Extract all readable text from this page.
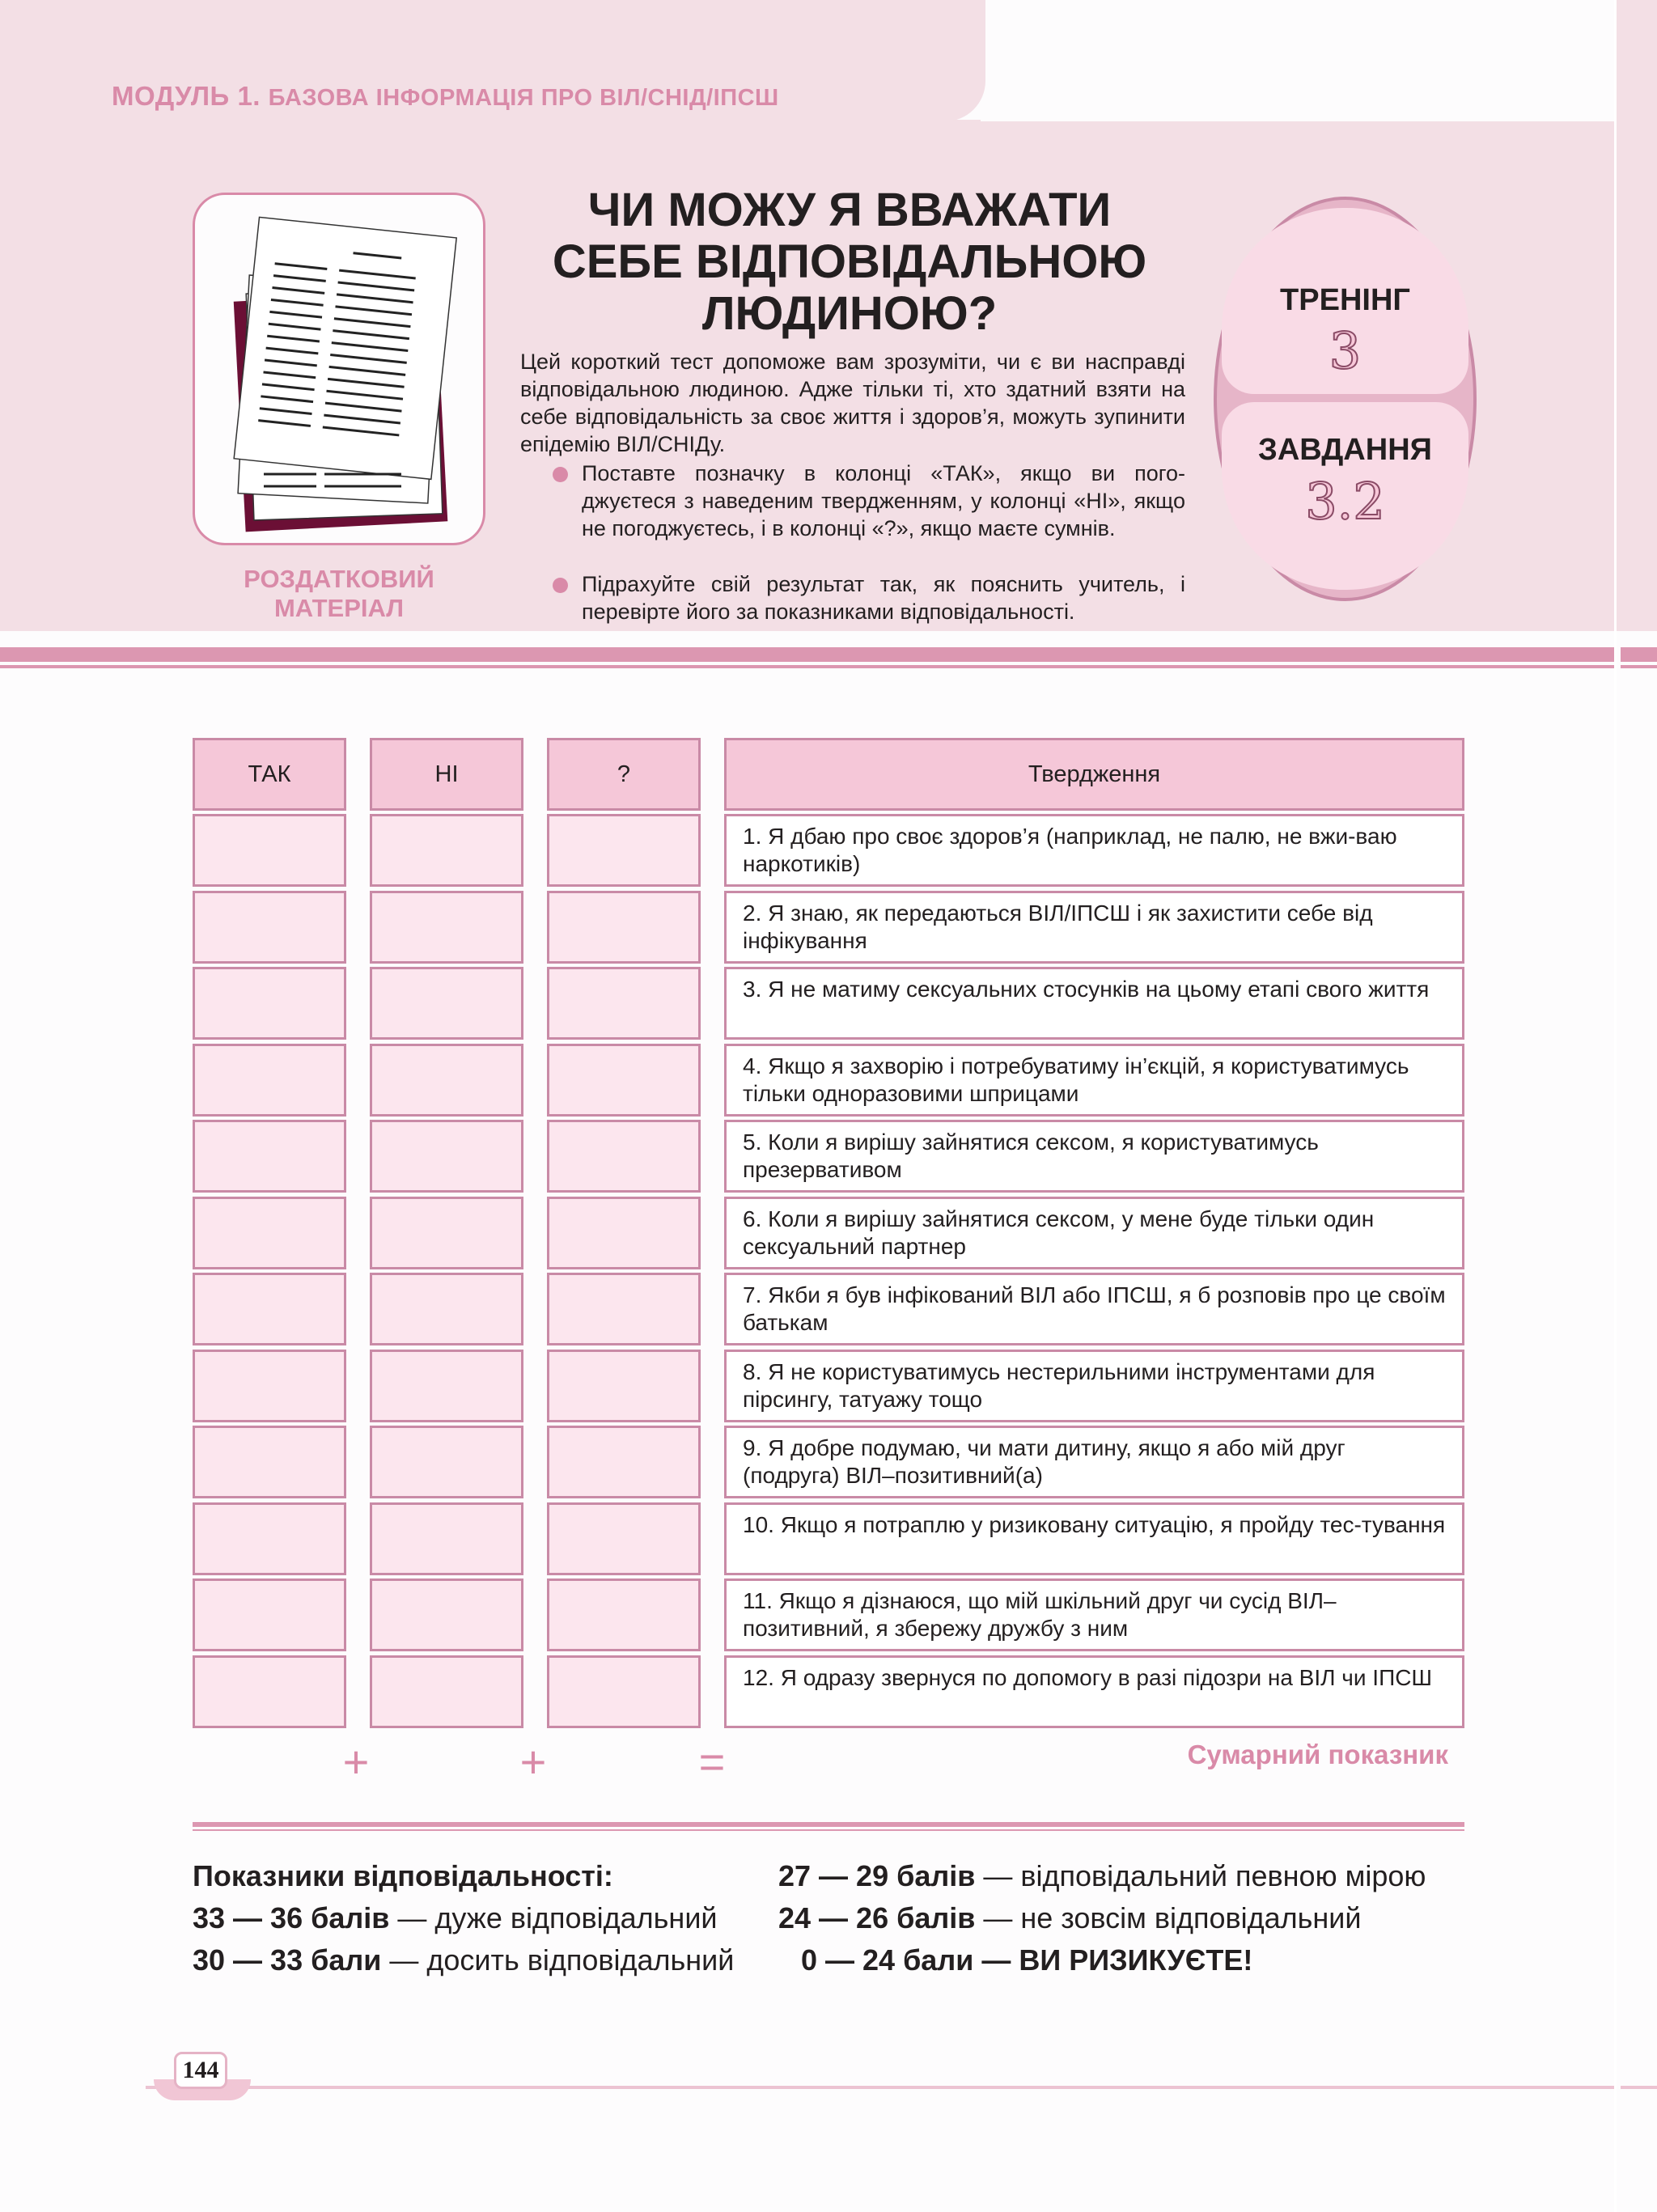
МОДУЛЬ 1. БАЗОВА ІНФОРМАЦІЯ ПРО ВІЛ/СНІД/ІПСШ
РОЗДАТКОВИЙ
МАТЕРІАЛ
ЧИ МОЖУ Я ВВАЖАТИ
СЕБЕ ВІДПОВІДАЛЬНОЮ
ЛЮДИНОЮ?
Цей короткий тест допоможе вам зрозуміти, чи є ви насправді відповідальною людиною. Адже тільки ті, хто здатний взяти на себе відповідальність за своє життя і здоров’я, можуть зупинити епідемію ВІЛ/СНІДу.
Поставте позначку в колонці «ТАК», якщо ви пого-джуєтеся з наведеним твердженням, у колонці «НІ», якщо не погоджуєтесь, і в колонці «?», якщо маєте сумнів.
Підрахуйте свій результат так, як пояснить учитель, і перевірте його за показниками відповідальності.
ТРЕНІНГ
3
ЗАВДАННЯ
3.2
ТАК	НІ	?	Твердження
1. Я дбаю про своє здоров’я (наприклад, не палю, не вжи-ваю наркотиків)
2. Я знаю, як передаються ВІЛ/ІПСШ і як захистити себе від інфікування
3. Я не матиму сексуальних стосунків на цьому етапі свого життя
4. Якщо я захворію і потребуватиму ін’єкцій, я користуватимусь тільки одноразовими шприцами
5. Коли я вирішу зайнятися сексом, я користуватимусь презервативом
6. Коли я вирішу зайнятися сексом, у мене буде тільки один сексуальний партнер
7. Якби я був інфікований ВІЛ або ІПСШ, я б розповів про це своїм батькам
8. Я не користуватимусь нестерильними інструментами для пірсингу, татуажу тощо
9. Я добре подумаю, чи мати дитину, якщо я або мій друг (подруга) ВІЛ–позитивний(а)
10. Якщо я потраплю у ризиковану ситуацію, я пройду тес-тування
11. Якщо я дізнаюся, що мій шкільний друг чи сусід ВІЛ–позитивний, я збережу дружбу з ним
12. Я одразу звернуся по допомогу в разі підозри на ВІЛ чи ІПСШ
+	+	=	Сумарний показник
Показники відповідальності:
33 — 36 балів — дуже відповідальний
30 — 33 бали — досить відповідальний
27 — 29 балів — відповідальний певною мірою
24 — 26 балів — не зовсім відповідальний
0 — 24 бали — ВИ РИЗИКУЄТЕ!
144
